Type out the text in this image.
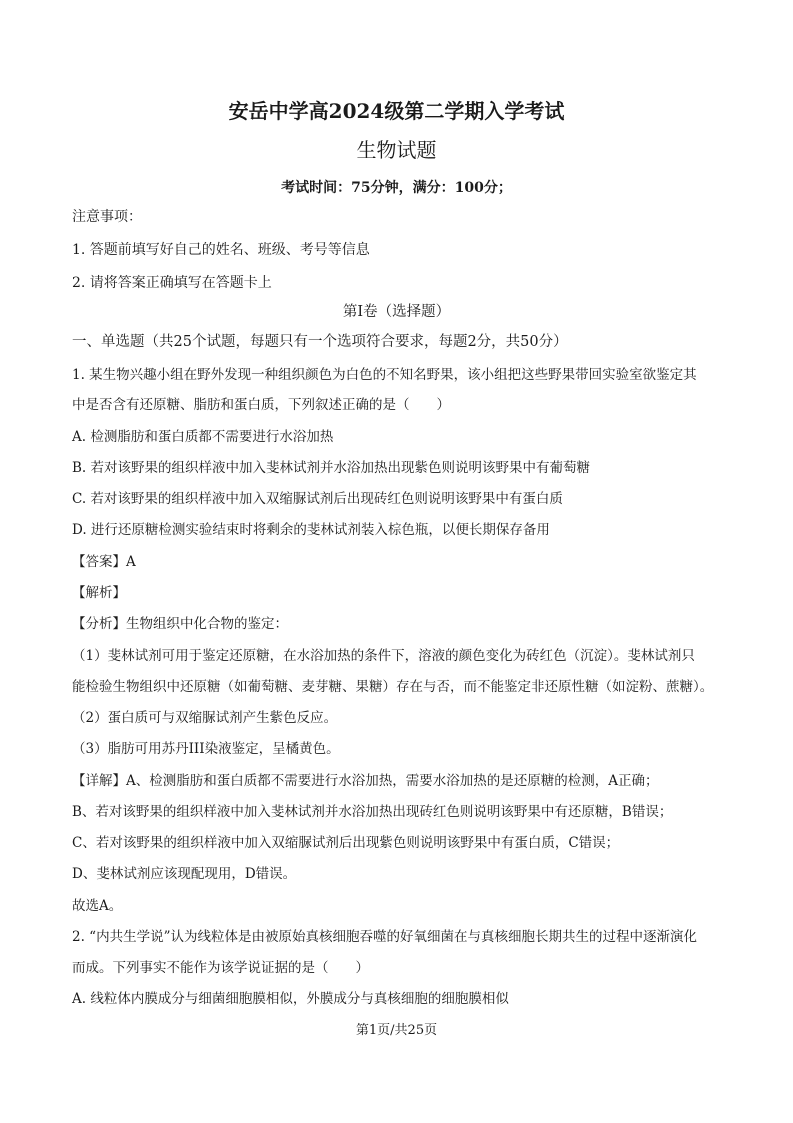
安岳中学高2024级第二学期入学考试
生物试题
考试时间：75分钟，满分：100分；
注意事项：
1. 答题前填写好自己的姓名、班级、考号等信息
2. 请将答案正确填写在答题卡上
第I卷（选择题）
一、单选题（共25个试题，每题只有一个选项符合要求，每题2分，共50分）
1. 某生物兴趣小组在野外发现一种组织颜色为白色的不知名野果，该小组把这些野果带回实验室欲鉴定其
中是否含有还原糖、脂肪和蛋白质，下列叙述正确的是（　　）
A. 检测脂肪和蛋白质都不需要进行水浴加热
B. 若对该野果的组织样液中加入斐林试剂并水浴加热出现紫色则说明该野果中有葡萄糖
C. 若对该野果的组织样液中加入双缩脲试剂后出现砖红色则说明该野果中有蛋白质
D. 进行还原糖检测实验结束时将剩余的斐林试剂装入棕色瓶，以便长期保存备用
【答案】A
【解析】
【分析】生物组织中化合物的鉴定：
（1）斐林试剂可用于鉴定还原糖，在水浴加热的条件下，溶液的颜色变化为砖红色（沉淀）。斐林试剂只
能检验生物组织中还原糖（如葡萄糖、麦芽糖、果糖）存在与否，而不能鉴定非还原性糖（如淀粉、蔗糖）。
（2）蛋白质可与双缩脲试剂产生紫色反应。
（3）脂肪可用苏丹III染液鉴定，呈橘黄色。
【详解】A、检测脂肪和蛋白质都不需要进行水浴加热，需要水浴加热的是还原糖的检测，A正确；
B、若对该野果的组织样液中加入斐林试剂并水浴加热出现砖红色则说明该野果中有还原糖，B错误；
C、若对该野果的组织样液中加入双缩脲试剂后出现紫色则说明该野果中有蛋白质，C错误；
D、斐林试剂应该现配现用，D错误。
故选A。
2. “内共生学说”认为线粒体是由被原始真核细胞吞噬的好氧细菌在与真核细胞长期共生的过程中逐渐演化
而成。下列事实不能作为该学说证据的是（　　）
A. 线粒体内膜成分与细菌细胞膜相似，外膜成分与真核细胞的细胞膜相似
第1页/共25页
